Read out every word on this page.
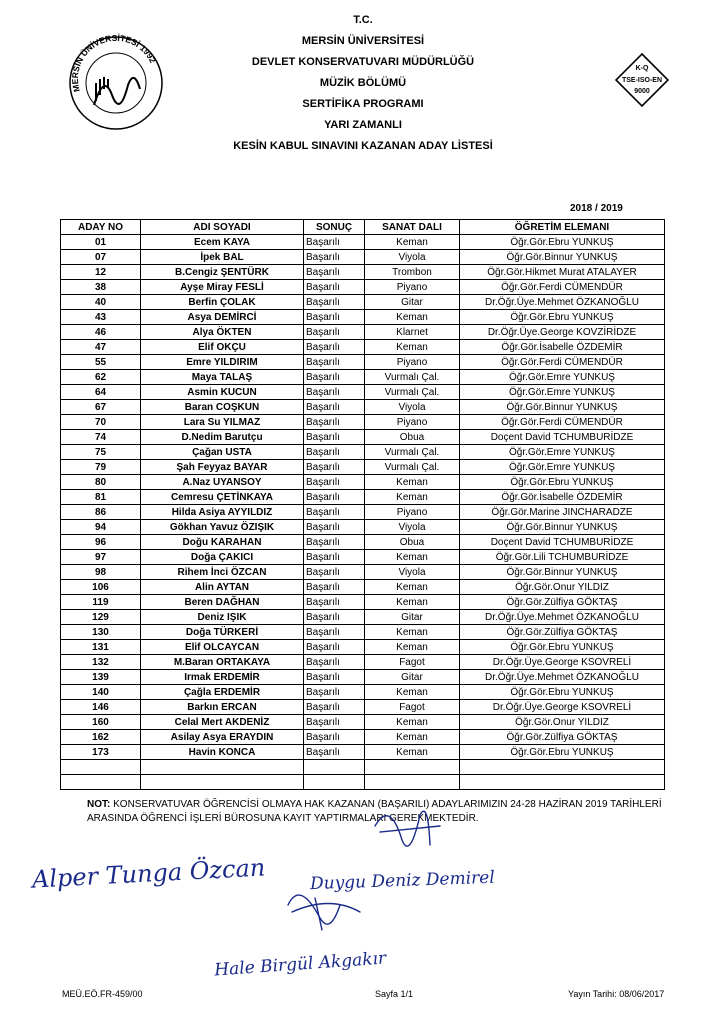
T.C.
MERSİN ÜNİVERSİTESİ
DEVLET KONSERVATUVARI MÜDÜRLÜĞÜ
MÜZİK BÖLÜMÜ
SERTİFİKA PROGRAMI
YARI ZAMANLI
KESİN KABUL SINAVINI KAZANAN ADAY LİSTESİ
MERSİN ÜNİVERSİTESİ 1992
K-Q
TSE-ISO-EN
9000
2018 / 2019
ADAY NO	ADI SOYADI	SONUÇ	SANAT DALI	ÖĞRETİM ELEMANI
01	Ecem KAYA	Başarılı	Keman	Öğr.Gör.Ebru YUNKUŞ
07	İpek BAL	Başarılı	Viyola	Öğr.Gör.Binnur YUNKUŞ
12	B.Cengiz ŞENTÜRK	Başarılı	Trombon	Öğr.Gör.Hikmet Murat ATALAYER
38	Ayşe Miray FESLİ	Başarılı	Piyano	Öğr.Gör.Ferdi CÜMENDÜR
40	Berfin ÇOLAK	Başarılı	Gitar	Dr.Öğr.Üye.Mehmet ÖZKANOĞLU
43	Asya DEMİRCİ	Başarılı	Keman	Öğr.Gör.Ebru YUNKUŞ
46	Alya ÖKTEN	Başarılı	Klarnet	Dr.Öğr.Üye.George KOVZİRİDZE
47	Elif OKÇU	Başarılı	Keman	Öğr.Gör.İsabelle ÖZDEMİR
55	Emre YILDIRIM	Başarılı	Piyano	Öğr.Gör.Ferdi CÜMENDÜR
62	Maya TALAŞ	Başarılı	Vurmalı Çal.	Öğr.Gör.Emre YUNKUŞ
64	Asmin KUCUN	Başarılı	Vurmalı Çal.	Öğr.Gör.Emre YUNKUŞ
67	Baran COŞKUN	Başarılı	Viyola	Öğr.Gör.Binnur YUNKUŞ
70	Lara Su YILMAZ	Başarılı	Piyano	Öğr.Gör.Ferdi CÜMENDÜR
74	D.Nedim Barutçu	Başarılı	Obua	Doçent David TCHUMBURİDZE
75	Çağan USTA	Başarılı	Vurmalı Çal.	Öğr.Gör.Emre YUNKUŞ
79	Şah Feyyaz BAYAR	Başarılı	Vurmalı Çal.	Öğr.Gör.Emre YUNKUŞ
80	A.Naz UYANSOY	Başarılı	Keman	Öğr.Gör.Ebru YUNKUŞ
81	Cemresu ÇETİNKAYA	Başarılı	Keman	Öğr.Gör.İsabelle ÖZDEMİR
86	Hilda Asiya AYYILDIZ	Başarılı	Piyano	Öğr.Gör.Marine JINCHARADZE
94	Gökhan Yavuz ÖZIŞIK	Başarılı	Viyola	Öğr.Gör.Binnur YUNKUŞ
96	Doğu KARAHAN	Başarılı	Obua	Doçent David TCHUMBURİDZE
97	Doğa ÇAKICI	Başarılı	Keman	Öğr.Gör.Lili TCHUMBURİDZE
98	Rihem İnci ÖZCAN	Başarılı	Viyola	Öğr.Gör.Binnur YUNKUŞ
106	Alin AYTAN	Başarılı	Keman	Öğr.Gör.Onur YILDIZ
119	Beren DAĞHAN	Başarılı	Keman	Öğr.Gör.Zülfiya GÖKTAŞ
129	Deniz IŞIK	Başarılı	Gitar	Dr.Öğr.Üye.Mehmet ÖZKANOĞLU
130	Doğa TÜRKERİ	Başarılı	Keman	Öğr.Gör.Zülfiya GÖKTAŞ
131	Elif OLCAYCAN	Başarılı	Keman	Öğr.Gör.Ebru YUNKUŞ
132	M.Baran ORTAKAYA	Başarılı	Fagot	Dr.Öğr.Üye.George KSOVRELİ
139	Irmak ERDEMİR	Başarılı	Gitar	Dr.Öğr.Üye.Mehmet ÖZKANOĞLU
140	Çağla ERDEMİR	Başarılı	Keman	Öğr.Gör.Ebru YUNKUŞ
146	Barkın ERCAN	Başarılı	Fagot	Dr.Öğr.Üye.George KSOVRELİ
160	Celal Mert AKDENİZ	Başarılı	Keman	Öğr.Gör.Onur YILDIZ
162	Asilay Asya ERAYDIN	Başarılı	Keman	Öğr.Gör.Zülfiya GÖKTAŞ
173	Havin KONCA	Başarılı	Keman	Öğr.Gör.Ebru YUNKUŞ

NOT: KONSERVATUVAR ÖĞRENCİSİ OLMAYA HAK KAZANAN (BAŞARILI) ADAYLARIMIZIN 24-28 HAZİRAN 2019 TARİHLERİ ARASINDA ÖĞRENCİ İŞLERİ BÜROSUNA KAYIT YAPTIRMALARI GEREKMEKTEDİR.
Alper Tunga Özcan	Duygu Deniz Demirel
Hale Birgül Akgakır
MEÜ.EÖ.FR-459/00	Sayfa 1/1	Yayın Tarihi: 08/06/2017
